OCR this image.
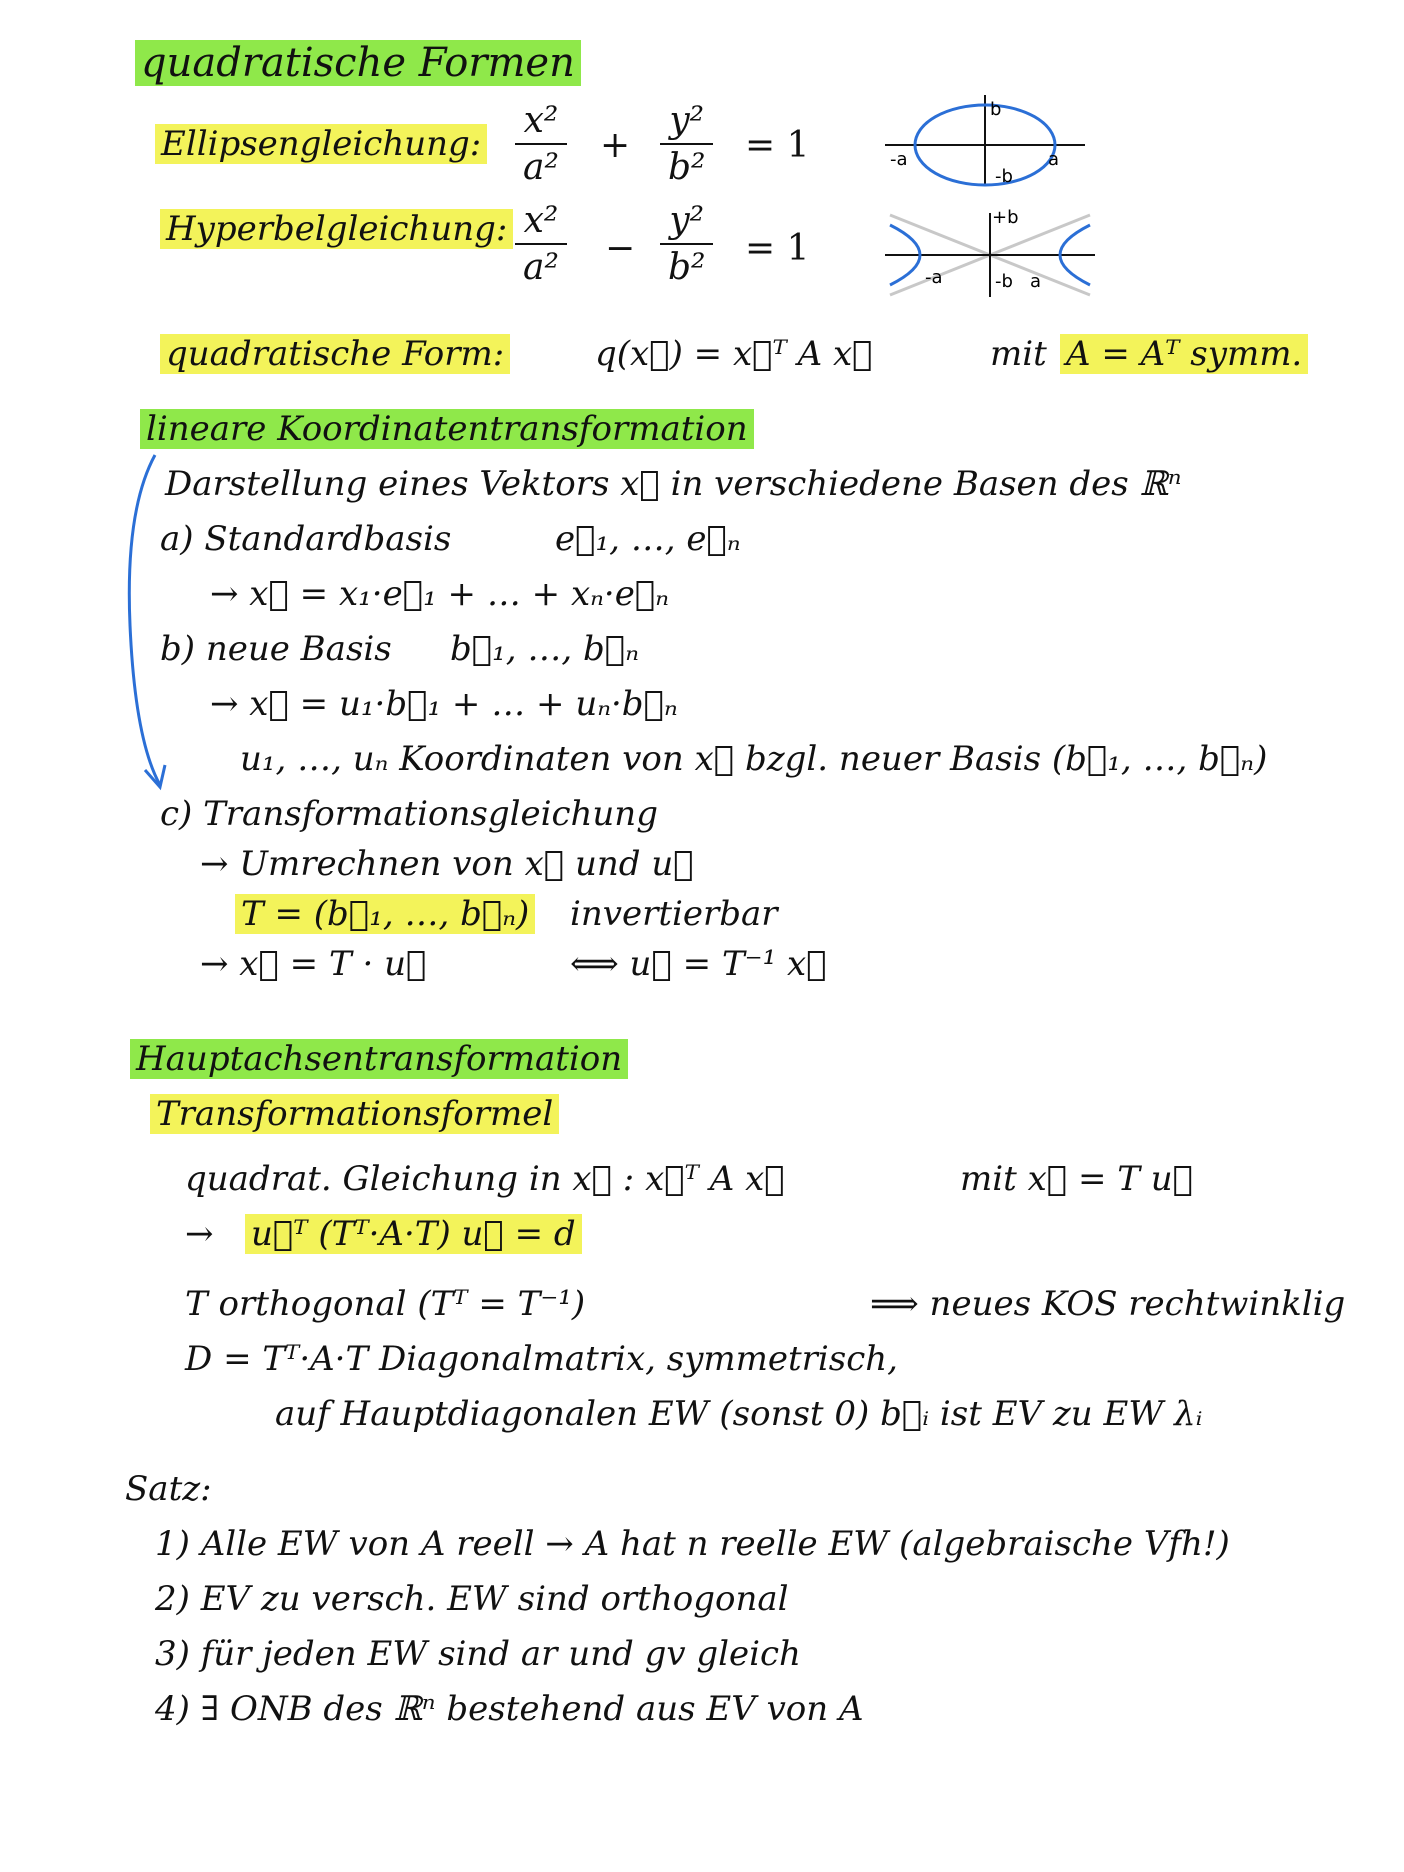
quadratische Formen
Ellipsengleichung:
x²
a²
+
y²
b²
= 1
b
-a
-b
a
Hyperbelgleichung: x²
a² −
y²
b² = 1
+b
-a	-b a
quadratische Form:	q(x⃗) = x⃗ᵀ A x⃗	mit A = Aᵀ symm.
lineare Koordinatentransformation
Darstellung eines Vektors x⃗ in verschiedene Basen des ℝⁿ
a) Standardbasis	e⃗₁, …, e⃗ₙ
→ x⃗ = x₁·e⃗₁ + … + xₙ·e⃗ₙ
b) neue Basis b⃗₁, …, b⃗ₙ
→ x⃗ = u₁·b⃗₁ + … + uₙ·b⃗ₙ
u₁, …, uₙ Koordinaten von x⃗ bzgl. neuer Basis (b⃗₁, …, b⃗ₙ)
c) Transformationsgleichung
→ Umrechnen von x⃗ und u⃗
T = (b⃗₁, …, b⃗ₙ) invertierbar
→ x⃗ = T · u⃗	⟺ u⃗ = T⁻¹ x⃗
Hauptachsentransformation
Transformationsformel
quadrat. Gleichung in x⃗ : x⃗ᵀ A x⃗	mit x⃗ = T u⃗
→ u⃗ᵀ (Tᵀ·A·T) u⃗ = d
T orthogonal (Tᵀ = T⁻¹)	⟹ neues KOS rechtwinklig
D = Tᵀ·A·T Diagonalmatrix, symmetrisch,
auf Hauptdiagonalen EW (sonst 0) b⃗ᵢ ist EV zu EW λᵢ
Satz:
1) Alle EW von A reell → A hat n reelle EW (algebraische Vfh!)
2) EV zu versch. EW sind orthogonal
3) für jeden EW sind ar und gv gleich
4) ∃ ONB des ℝⁿ bestehend aus EV von A
